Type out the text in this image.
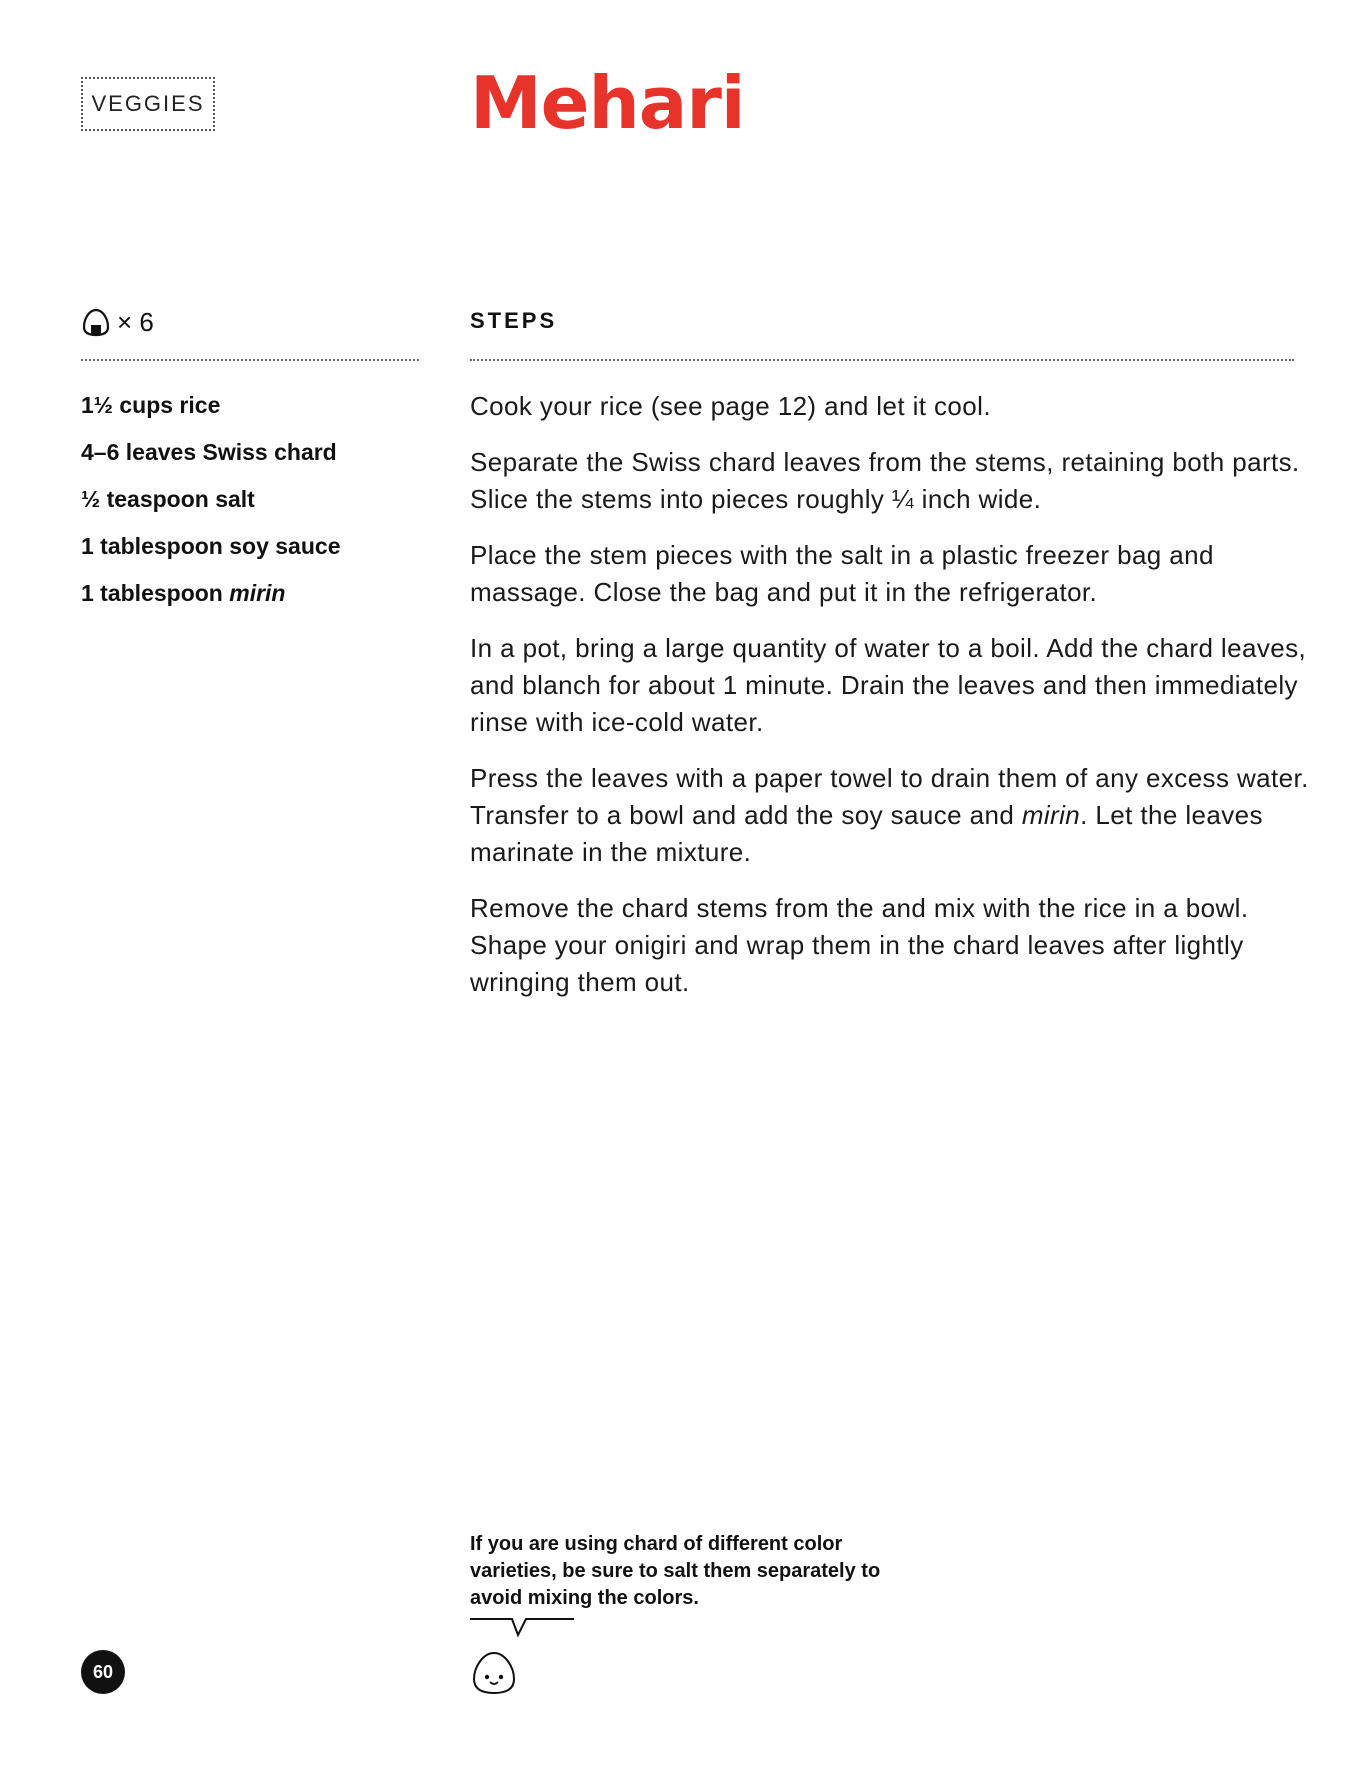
VEGGIES	Mehari
× 6	STEPS
1½ cups rice
4–6 leaves Swiss chard
½ teaspoon salt
1 tablespoon soy sauce
1 tablespoon mirin
Cook your rice (see page 12) and let it cool.
Separate the Swiss chard leaves from the stems, retaining both parts. Slice the stems into pieces roughly ¼ inch wide.
Place the stem pieces with the salt in a plastic freezer bag and massage. Close the bag and put it in the refrigerator.
In a pot, bring a large quantity of water to a boil. Add the chard leaves, and blanch for about 1 minute. Drain the leaves and then immediately rinse with ice-cold water.
Press the leaves with a paper towel to drain them of any excess water. Transfer to a bowl and add the soy sauce and mirin. Let the leaves marinate in the mixture.
Remove the chard stems from the and mix with the rice in a bowl. Shape your onigiri and wrap them in the chard leaves after lightly wringing them out.

If you are using chard of different color varieties, be sure to salt them separately to avoid mixing the colors.

60
